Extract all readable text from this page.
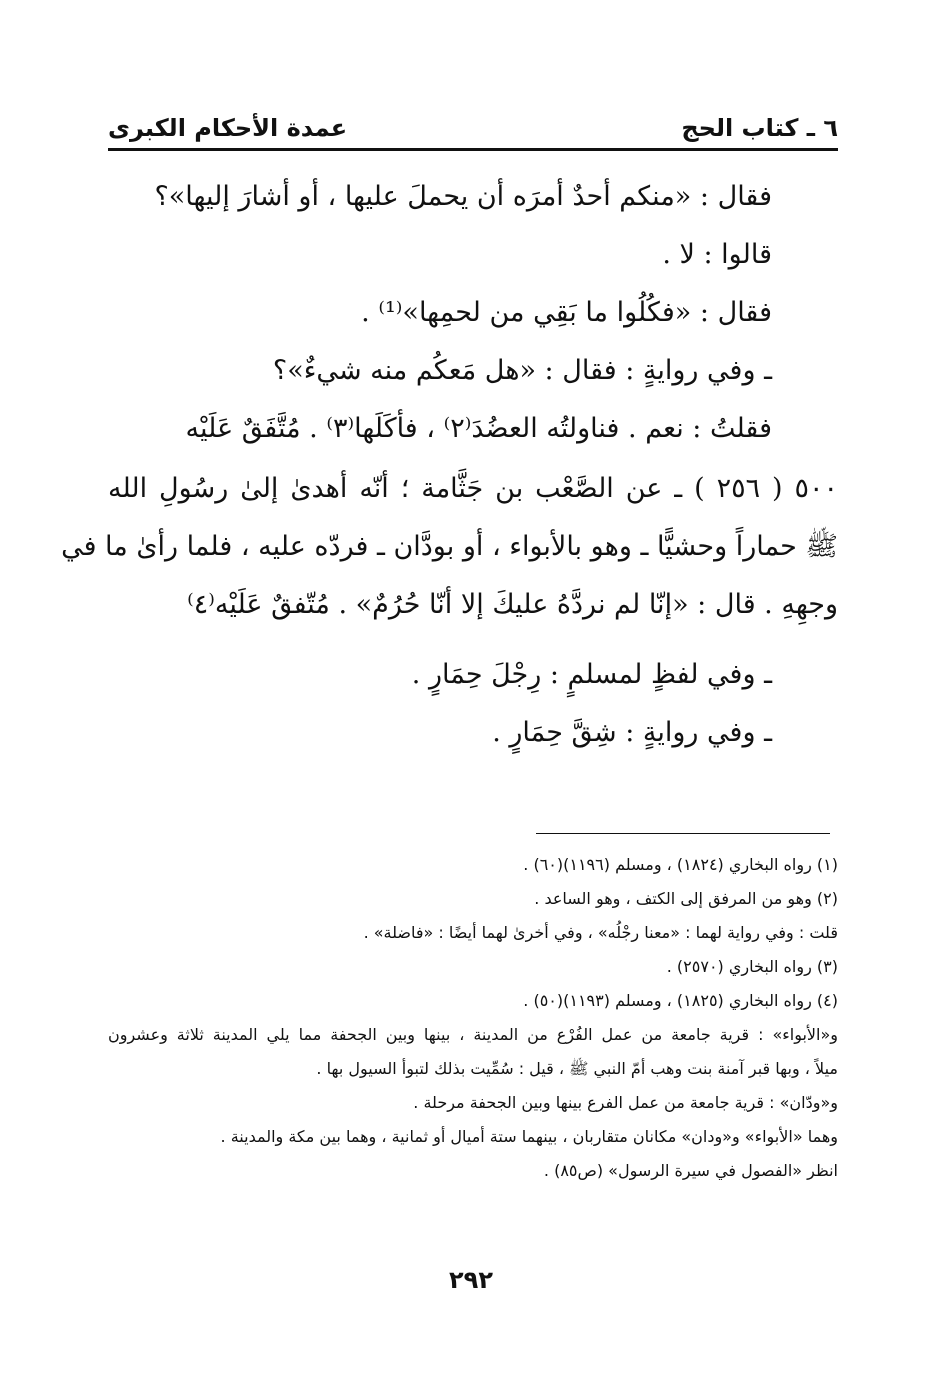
عمدة الأحكام الكبرى	٦ ـ كتاب الحج
فقال : «منكم أحدٌ أمرَه أن يحملَ عليها ، أو أشارَ إليها»؟
قالوا : لا .
فقال : «فكُلُوا ما بَقِي من لحمِها»⁽¹⁾ .
ـ وفي روايةٍ : فقال : «هل مَعكُم منه شيءٌ»؟
فقلتُ : نعم . فناولتُه العضُدَ⁽٢⁾ ، فأكَلَها⁽٣⁾ . مُتَّفَقٌ عَلَيْه
٥٠٠ ( ٢٥٦ ) ـ عن الصَّعْب بن جَثَّامة ؛ أنّه أهدىٰ إلىٰ رسُولِ الله
ﷺ حماراً وحشيًّا ـ وهو بالأبواء ، أو بودَّان ـ فردّه عليه ، فلما رأىٰ ما في
وجهِهِ . قال : «إنّا لم نردَّهُ عليكَ إلا أنّا حُرُمٌ» . مُتّفقٌ عَلَيْه⁽٤⁾
ـ وفي لفظٍ لمسلمٍ : رِجْلَ حِمَارٍ .
ـ وفي روايةٍ : شِقَّ حِمَارٍ .
(١) رواه البخاري (١٨٢٤) ، ومسلم (١١٩٦)(٦٠) .
(٢) وهو من المرفق إلى الكتف ، وهو الساعد .
قلت : وفي رواية لهما : «معنا رجْلُه» ، وفي أخرىٰ لهما أيضًا : «فاضلة» .
(٣) رواه البخاري (٢٥٧٠) .
(٤) رواه البخاري (١٨٢٥) ، ومسلم (١١٩٣)(٥٠) .
و«الأبواء» : قرية جامعة من عمل الفُرْع من المدينة ، بينها وبين الجحفة مما يلي المدينة ثلاثة وعشرون
ميلاً ، وبها قبر آمنة بنت وهب أمّ النبي ﷺ ، قيل : سُمِّيت بذلك لتبوأ السيول بها .
و«ودّان» : قرية جامعة من عمل الفرع بينها وبين الجحفة مرحلة .
وهما «الأبواء» و«ودان» مكانان متقاربان ، بينهما ستة أميال أو ثمانية ، وهما بين مكة والمدينة .
انظر «الفصول في سيرة الرسول» (ص٨٥) .
٢٩٢
